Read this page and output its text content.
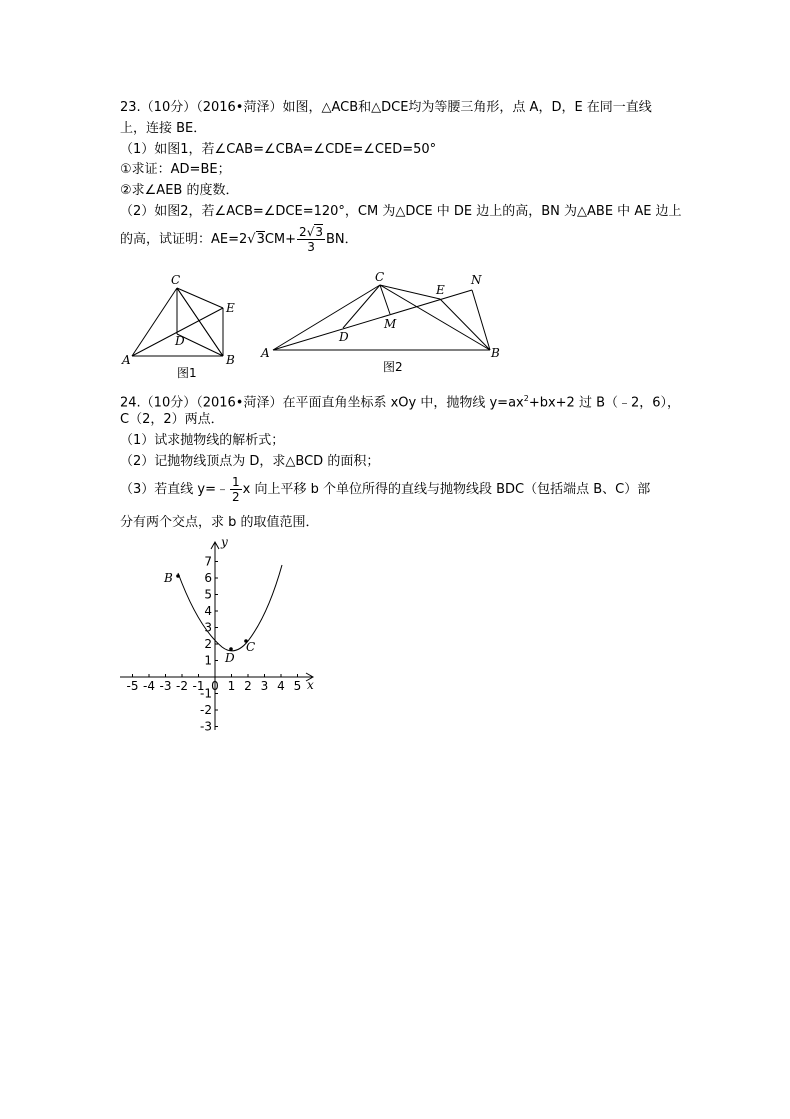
23.（10分）（2016•菏泽）如图，△ACB和△DCE均为等腰三角形，点 A，D，E 在同一直线
上，连接 BE．
（1）如图1，若∠CAB=∠CBA=∠CDE=∠CED=50°
①求证：AD=BE；
②求∠AEB 的度数．
（2）如图2，若∠ACB=∠DCE=120°，CM 为△DCE 中 DE 边上的高，BN 为△ABE 中 AE 边上
的高，试证明：$AE=2√3CM+ \frac{2√3}{3}$ BN．
A	B
C
D
E
图1
A	B
C
D
E
M
N
图2
24.（10分）（2016•菏泽）在平面直角坐标系 xOy 中，抛物线 $y=ax^2+bx+2$ 过 B（﹣2，6），
C（2，2）两点．
（1）试求抛物线的解析式；
（2）记抛物线顶点为 D，求△BCD 的面积；
（3）若直线 y=﹣ $\frac{1}{2}$ x 向上平移 b 个单位所得的直线与抛物线段 BDC（包括端点 B、C）部
分有两个交点，求 b 的取值范围．
-5 -4 -3 -2 -1 0 1 2 3 4 5
7
6
5
4
3
2
1
-1
-2
-3
B
D
C
x
y
